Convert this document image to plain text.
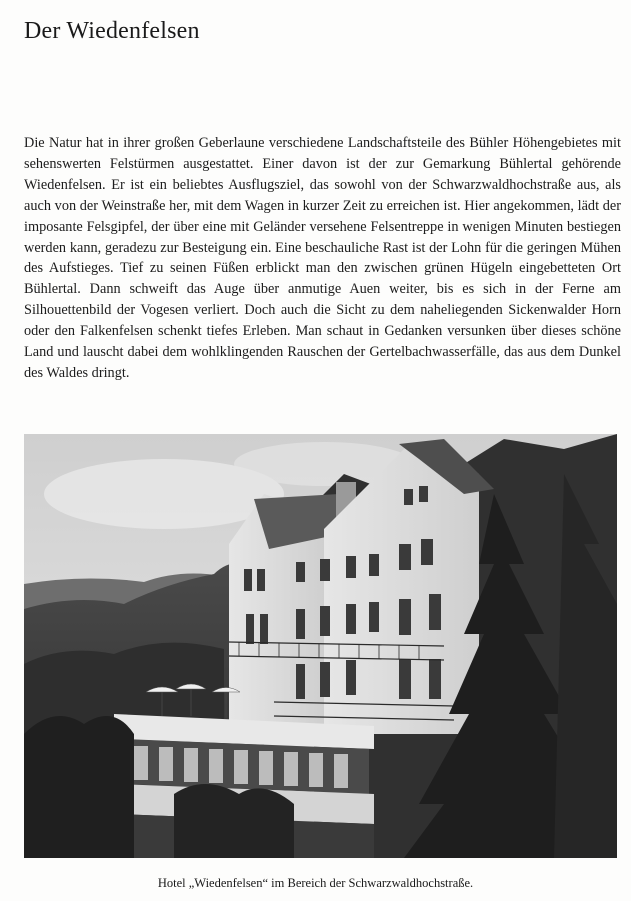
Der Wiedenfelsen

Die Natur hat in ihrer großen Geberlaune verschiedene Landschaftsteile des Bühler Höhengebietes mit sehenswerten Felstürmen ausgestattet. Einer davon ist der zur Gemarkung Bühlertal gehörende Wiedenfelsen. Er ist ein beliebtes Ausflugsziel, das sowohl von der Schwarzwaldhochstraße aus, als auch von der Weinstraße her, mit dem Wagen in kurzer Zeit zu erreichen ist. Hier angekommen, lädt der imposante Felsgipfel, der über eine mit Geländer versehene Felsentreppe in wenigen Minuten bestiegen werden kann, geradezu zur Besteigung ein. Eine beschauliche Rast ist der Lohn für die geringen Mühen des Aufstieges. Tief zu seinen Füßen erblickt man den zwischen grünen Hügeln eingebetteten Ort Bühlertal. Dann schweift das Auge über anmutige Auen weiter, bis es sich in der Ferne am Silhouettenbild der Vogesen verliert. Doch auch die Sicht zu dem naheliegenden Sickenwalder Horn oder den Falkenfelsen schenkt tiefes Erleben. Man schaut in Gedanken versunken über dieses schöne Land und lauscht dabei dem wohlklingenden Rauschen der Gertelbachwasserfälle, das aus dem Dunkel des Waldes dringt.

Hotel „Wiedenfelsen“ im Bereich der Schwarzwaldhochstraße.
